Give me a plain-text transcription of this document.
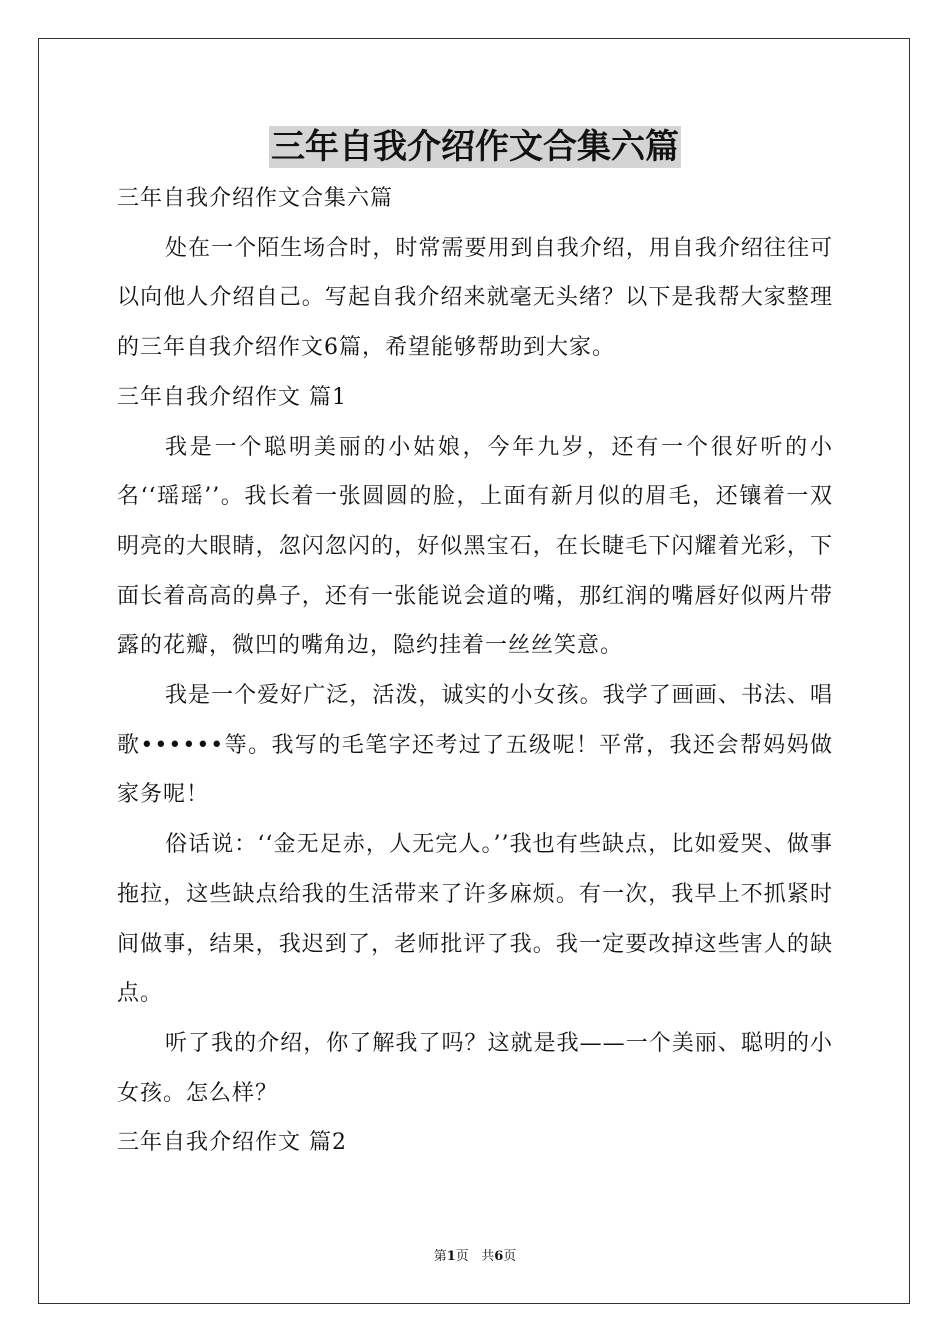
三年自我介绍作文合集六篇

三年自我介绍作文合集六篇

处在一个陌生场合时，时常需要用到自我介绍，用自我介绍往往可以向他人介绍自己。写起自我介绍来就毫无头绪？以下是我帮大家整理的三年自我介绍作文6篇，希望能够帮助到大家。

三年自我介绍作文 篇1

我是一个聪明美丽的小姑娘，今年九岁，还有一个很好听的小名‘‘瑶瑶’’。我长着一张圆圆的脸，上面有新月似的眉毛，还镶着一双明亮的大眼睛，忽闪忽闪的，好似黑宝石，在长睫毛下闪耀着光彩，下面长着高高的鼻子，还有一张能说会道的嘴，那红润的嘴唇好似两片带露的花瓣，微凹的嘴角边，隐约挂着一丝丝笑意。

我是一个爱好广泛，活泼，诚实的小女孩。我学了画画、书法、唱歌••••••等。我写的毛笔字还考过了五级呢！平常，我还会帮妈妈做家务呢！

俗话说：‘‘金无足赤，人无完人。’’我也有些缺点，比如爱哭、做事拖拉，这些缺点给我的生活带来了许多麻烦。有一次，我早上不抓紧时间做事，结果，我迟到了，老师批评了我。我一定要改掉这些害人的缺点。

听了我的介绍，你了解我了吗？这就是我——一个美丽、聪明的小女孩。怎么样？

三年自我介绍作文 篇2

第1页 共6页
